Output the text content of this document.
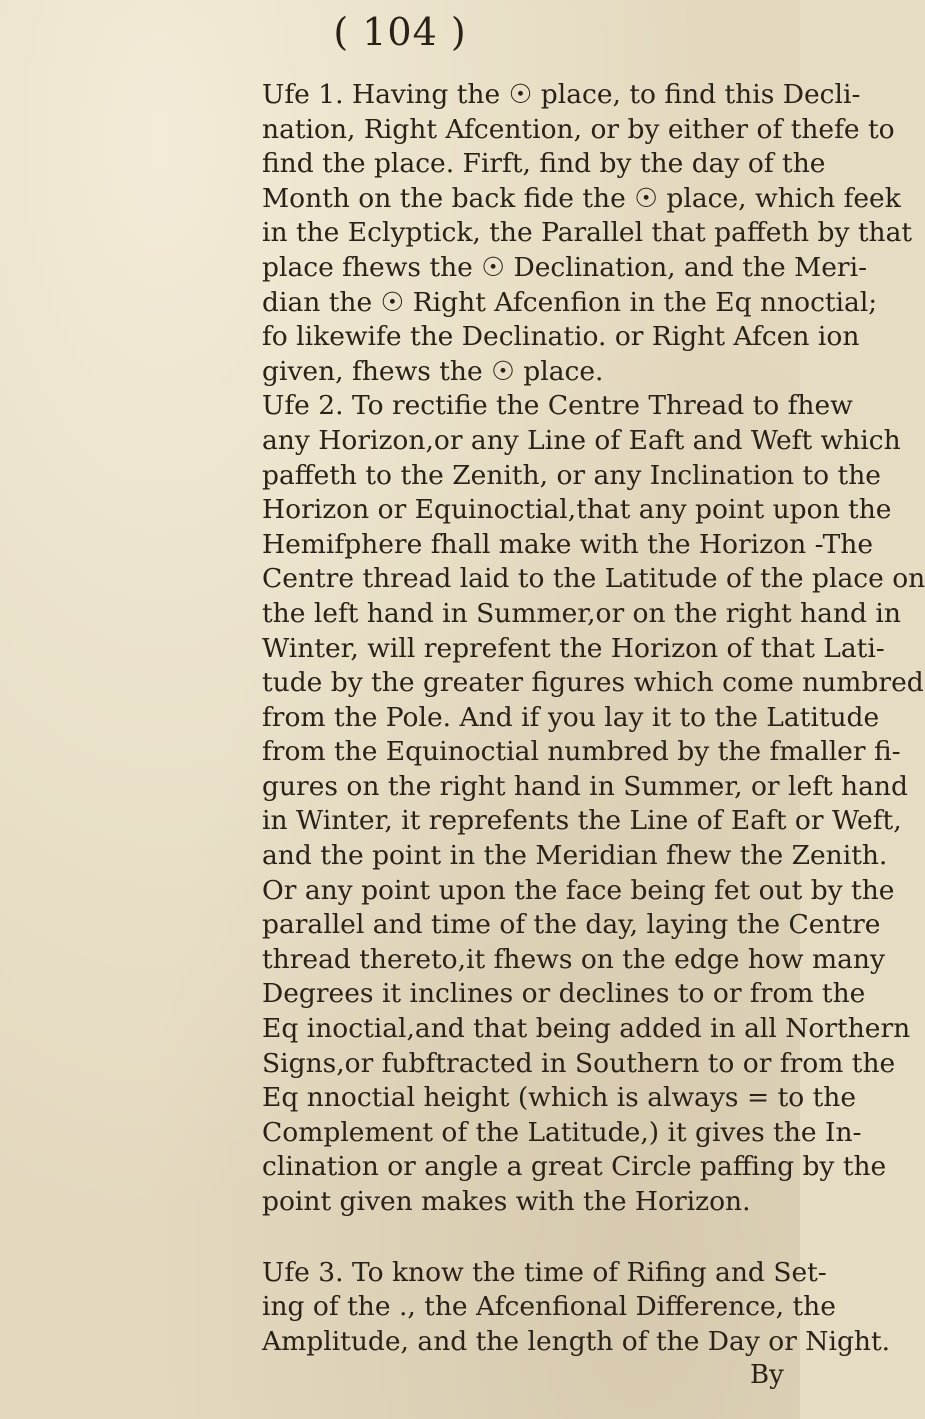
( 104 )
Ufe 1. Having the ☉ place, to find this Decli-
nation, Right Afcention, or by either of thefe to
find the place. Firft, find by the day of the
Month on the back fide the ☉ place, which feek
in the Eclyptick, the Parallel that paffeth by that
place fhews the ☉ Declination, and the Meri-
dian the ☉ Right Afcenfion in the Eq nnoctial;
fo likewife the Declinatio. or Right Afcen ion
given, fhews the ☉ place.
Ufe 2. To rectifie the Centre Thread to fhew
any Horizon,or any Line of Eaft and Weft which
paffeth to the Zenith, or any Inclination to the
Horizon or Equinoctial,that any point upon the
Hemifphere fhall make with the Horizon -The
Centre thread laid to the Latitude of the place on
the left hand in Summer,or on the right hand in
Winter, will reprefent the Horizon of that Lati-
tude by the greater figures which come numbred
from the Pole. And if you lay it to the Latitude
from the Equinoctial numbred by the fmaller fi-
gures on the right hand in Summer, or left hand
in Winter, it reprefents the Line of Eaft or Weft,
and the point in the Meridian fhew the Zenith.
Or any point upon the face being fet out by the
parallel and time of the day, laying the Centre
thread thereto,it fhews on the edge how many
Degrees it inclines or declines to or from the
Eq inoctial,and that being added in all Northern
Signs,or fubftracted in Southern to or from the
Eq nnoctial height (which is always = to the
Complement of the Latitude,) it gives the In-
clination or angle a great Circle paffing by the
point given makes with the Horizon.
Ufe 3. To know the time of Rifing and Set-
ing of the ., the Afcenfional Difference, the
Amplitude, and the length of the Day or Night.
By
